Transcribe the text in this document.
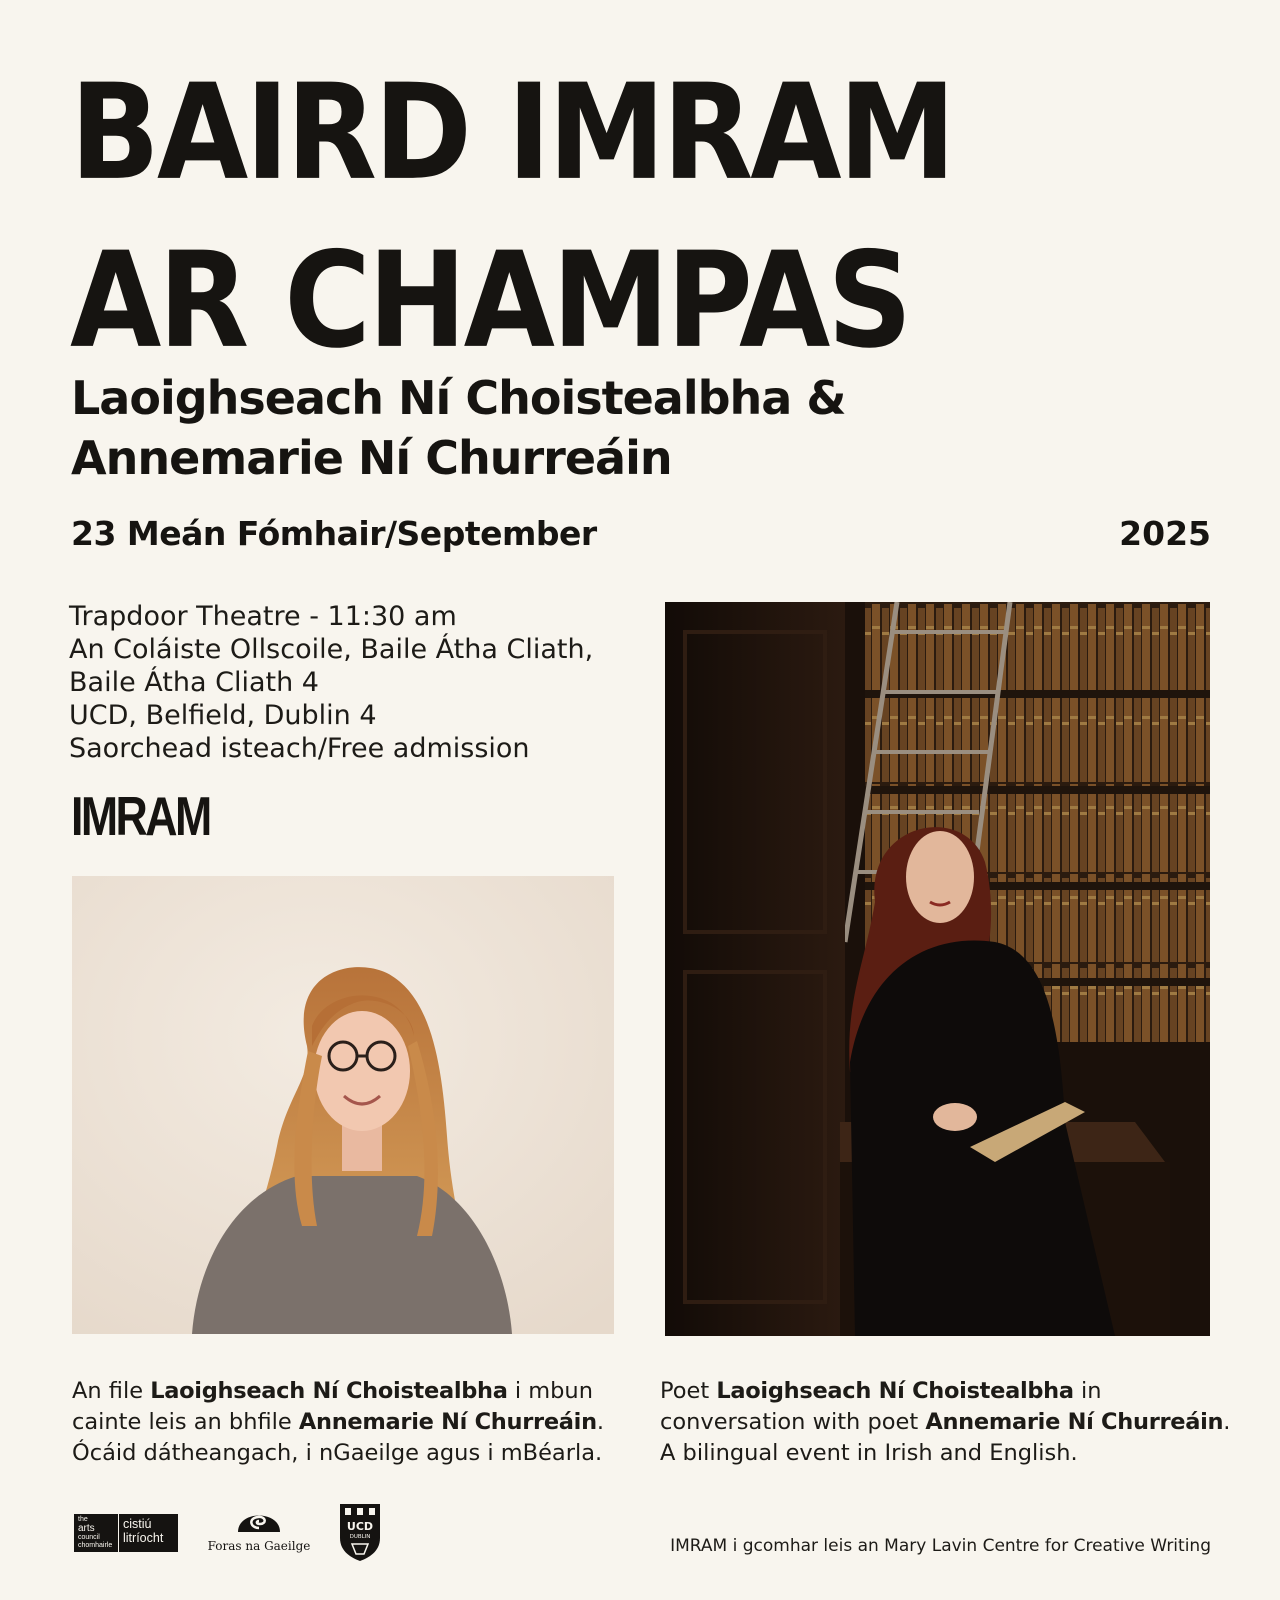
BAIRD IMRAM
AR CHAMPAS
Laoighseach Ní Choistealbha &
Annemarie Ní Churreáin
23 Meán Fómhair/September	2025
Trapdoor Theatre - 11:30 am
An Coláiste Ollscoile, Baile Átha Cliath,
Baile Átha Cliath 4
UCD, Belfield, Dublin 4
Saorchead isteach/Free admission
IMRAM
An file Laoighseach Ní Choistealbha i mbun
cainte leis an bhfile Annemarie Ní Churreáin.
Ócáid dátheangach, i nGaeilge agus i mBéarla.
Poet Laoighseach Ní Choistealbha in
conversation with poet Annemarie Ní Churreáin.
A bilingual event in Irish and English.
the
arts
council
chomhairle
cistiú
litríocht
Foras na Gaeilge
UCD
DUBLIN	IMRAM i gcomhar leis an Mary Lavin Centre for Creative Writing
